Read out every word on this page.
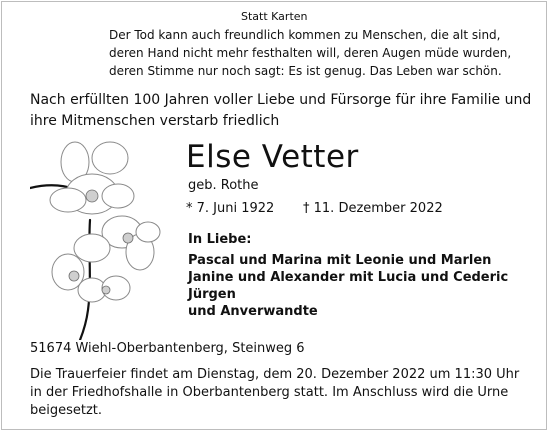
Statt Karten
Der Tod kann auch freundlich kommen zu Menschen, die alt sind,
deren Hand nicht mehr festhalten will, deren Augen müde wurden,
deren Stimme nur noch sagt: Es ist genug. Das Leben war schön.
Nach erfüllten 100 Jahren voller Liebe und Fürsorge für ihre Familie und
ihre Mitmenschen verstarb friedlich
Else Vetter
geb. Rothe
* 7. Juni 1922 † 11. Dezember 2022
In Liebe:
Pascal und Marina mit Leonie und Marlen
Janine und Alexander mit Lucia und Cederic
Jürgen
und Anverwandte
51674 Wiehl-Oberbantenberg, Steinweg 6
Die Trauerfeier findet am Dienstag, dem 20. Dezember 2022 um 11:30 Uhr
in der Friedhofshalle in Oberbantenberg statt. Im Anschluss wird die Urne
beigesetzt.
